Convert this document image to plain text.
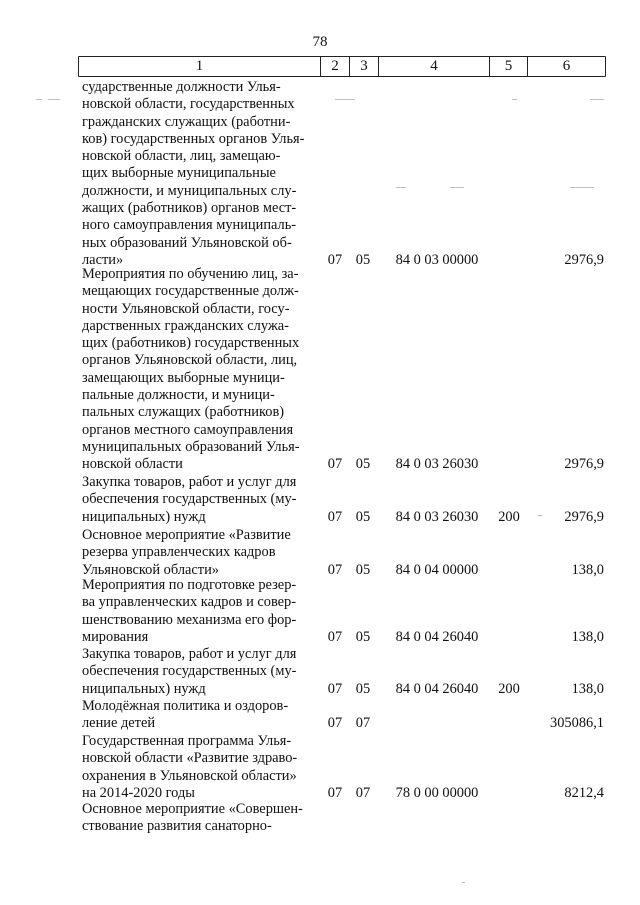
78
1	2	3	4	5	6
сударственные должности Улья-
новской области, государственных
гражданских служащих (работни-
ков) государственных органов Улья-
новской области, лиц, замещаю-
щих выборные муниципальные
должности, и муниципальных слу-
жащих (работников) органов мест-
ного самоуправления муниципаль-
ных образований Ульяновской об-
ласти»	07 05	84 0 03 00000	2976,9
Мероприятия по обучению лиц, за-
мещающих государственные долж-
ности Ульяновской области, госу-
дарственных гражданских служа-
щих (работников) государственных
органов Ульяновской области, лиц,
замещающих выборные муници-
пальные должности, и муници-
пальных служащих (работников)
органов местного самоуправления
муниципальных образований Улья-
новской области	07 05	84 0 03 26030	2976,9
Закупка товаров, работ и услуг для
обеспечения государственных (му-
ниципальных) нужд	07 05	84 0 03 26030	200	2976,9
Основное мероприятие «Развитие
резерва управленческих кадров
Ульяновской области»	07 05	84 0 04 00000	138,0
Мероприятия по подготовке резер-
ва управленческих кадров и совер-
шенствованию механизма его фор-
мирования	07 05	84 0 04 26040	138,0
Закупка товаров, работ и услуг для
обеспечения государственных (му-
ниципальных) нужд	07 05	84 0 04 26040	200	138,0
Молодёжная политика и оздоров-
ление детей	07 07	305086,1
Государственная программа Улья-
новской области «Развитие здраво-
охранения в Ульяновской области»
на 2014-2020 годы	07 07	78 0 00 00000	8212,4
Основное мероприятие «Совершен-
ствование развития санаторно-
